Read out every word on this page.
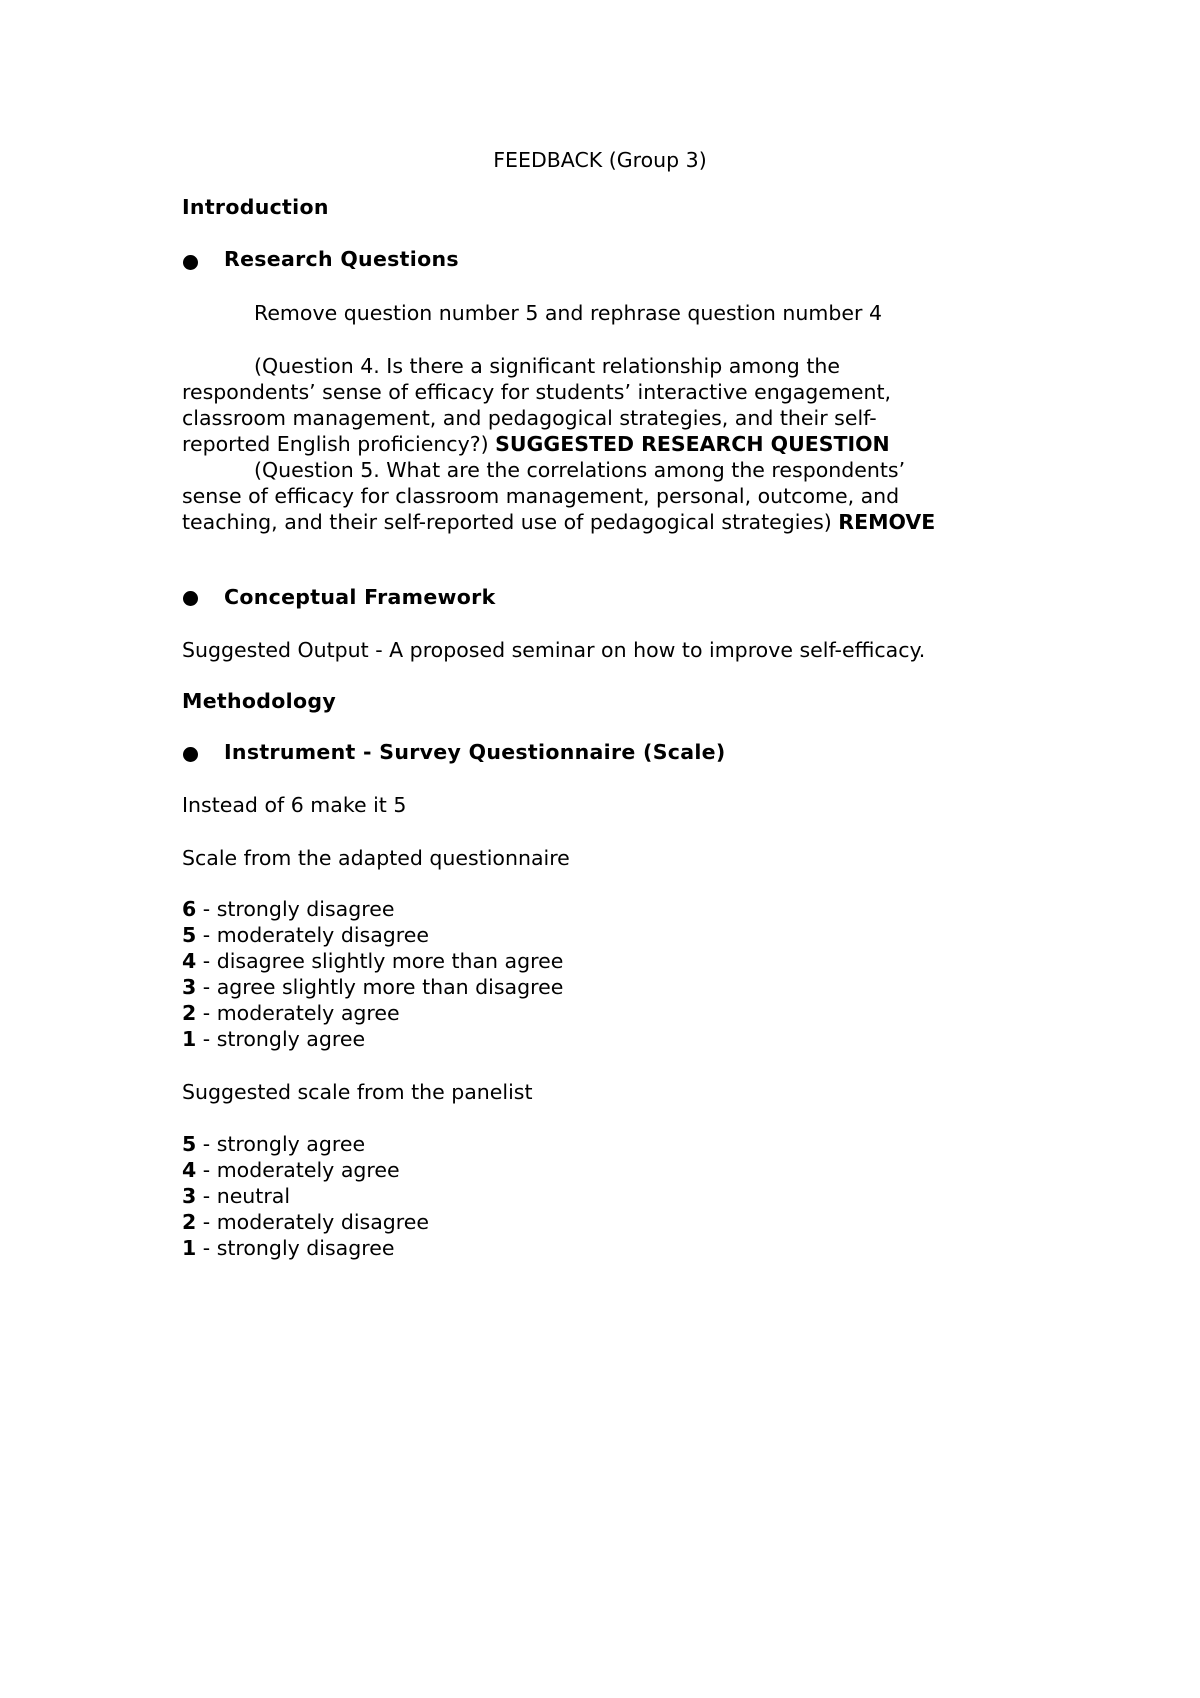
FEEDBACK (Group 3)
Introduction
Research Questions
Remove question number 5 and rephrase question number 4
(Question 4. Is there a significant relationship among the
respondents’ sense of efficacy for students’ interactive engagement,
classroom management, and pedagogical strategies, and their self-
reported English proficiency?) SUGGESTED RESEARCH QUESTION
(Question 5. What are the correlations among the respondents’
sense of efficacy for classroom management, personal, outcome, and
teaching, and their self-reported use of pedagogical strategies) REMOVE
Conceptual Framework
Suggested Output - A proposed seminar on how to improve self-efficacy.
Methodology
Instrument - Survey Questionnaire (Scale)
Instead of 6 make it 5
Scale from the adapted questionnaire
6 - strongly disagree
5 - moderately disagree
4 - disagree slightly more than agree
3 - agree slightly more than disagree
2 - moderately agree
1 - strongly agree
Suggested scale from the panelist
5 - strongly agree
4 - moderately agree
3 - neutral
2 - moderately disagree
1 - strongly disagree
